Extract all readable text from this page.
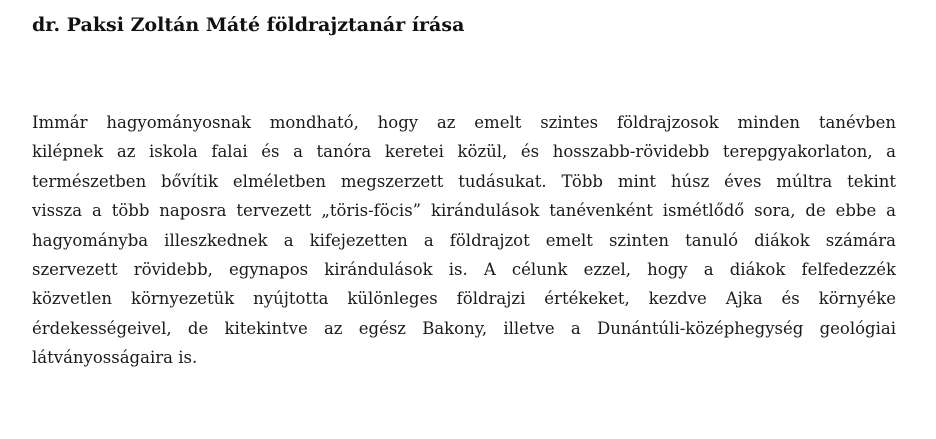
dr. Paksi Zoltán Máté földrajztanár írása
Immár hagyományosnak mondható, hogy az emelt szintes földrajzosok minden tanévben
kilépnek az iskola falai és a tanóra keretei közül, és hosszabb-rövidebb terepgyakorlaton, a
természetben bővítik elméletben megszerzett tudásukat. Több mint húsz éves múltra tekint
vissza a több naposra tervezett „töris-föcis” kirándulások tanévenként ismétlődő sora, de ebbe a
hagyományba illeszkednek a kifejezetten a földrajzot emelt szinten tanuló diákok számára
szervezett rövidebb, egynapos kirándulások is. A célunk ezzel, hogy a diákok felfedezzék
közvetlen környezetük nyújtotta különleges földrajzi értékeket, kezdve Ajka és környéke
érdekességeivel, de kitekintve az egész Bakony, illetve a Dunántúli-középhegység geológiai
látványosságaira is.
